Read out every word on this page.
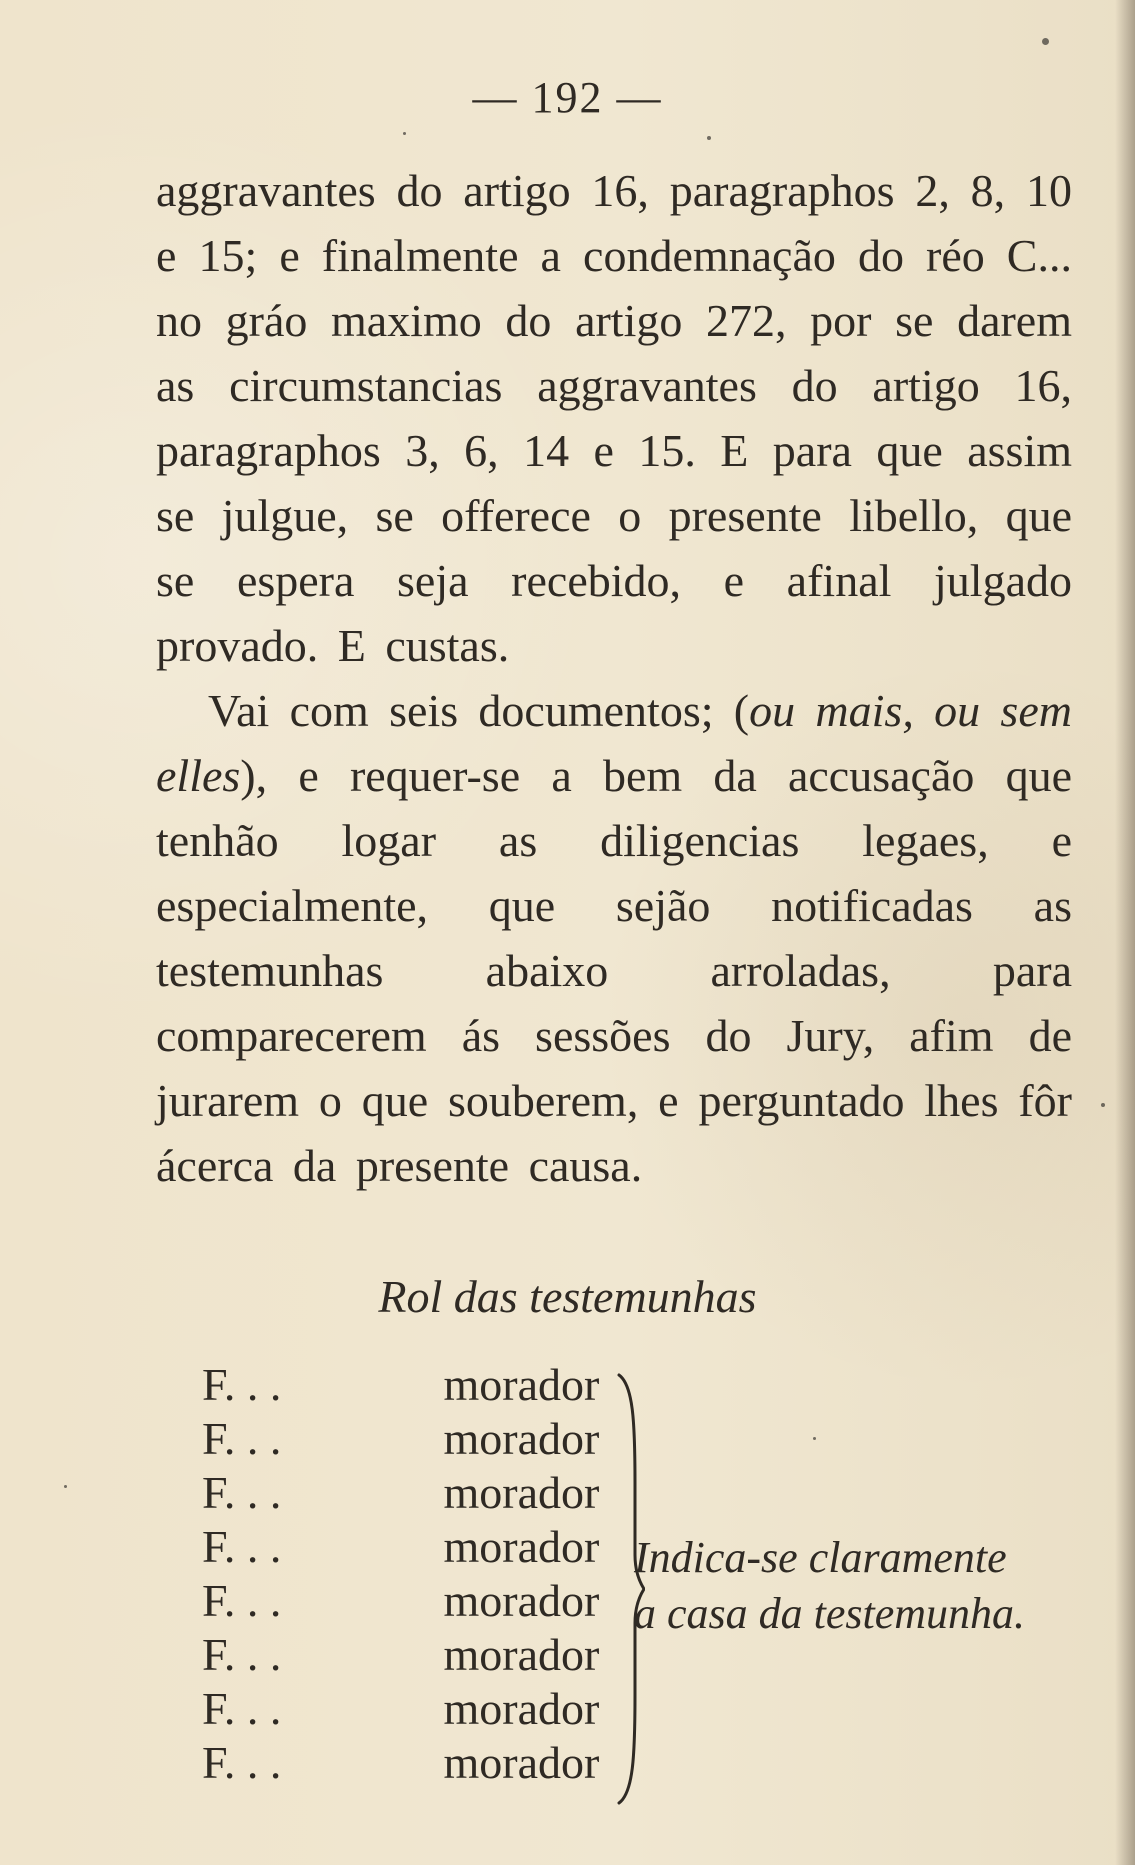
— 192 —

aggravantes do artigo 16, paragraphos 2, 8, 10 e 15; e finalmente a condemnação do réo C... no gráo maximo do artigo 272, por se darem as circumstancias aggravantes do artigo 16, paragraphos 3, 6, 14 e 15. E para que assim se julgue, se offerece o presente libello, que se espera seja recebido, e afinal julgado provado. E custas.

Vai com seis documentos; (ou mais, ou sem elles), e requer-se a bem da accusação que tenhão logar as diligencias legaes, e especialmente, que sejão notificadas as testemunhas abaixo arroladas, para comparecerem ás sessões do Jury, afim de jurarem o que souberem, e perguntado lhes fôr ácerca da presente causa.

Rol das testemunhas
F. . .	morador
F. . .	morador
F. . .	morador
F. . .	morador
F. . .	morador
F. . .	morador
F. . .	morador
F. . .	morador
Indica-se claramente
a casa da testemunha.
